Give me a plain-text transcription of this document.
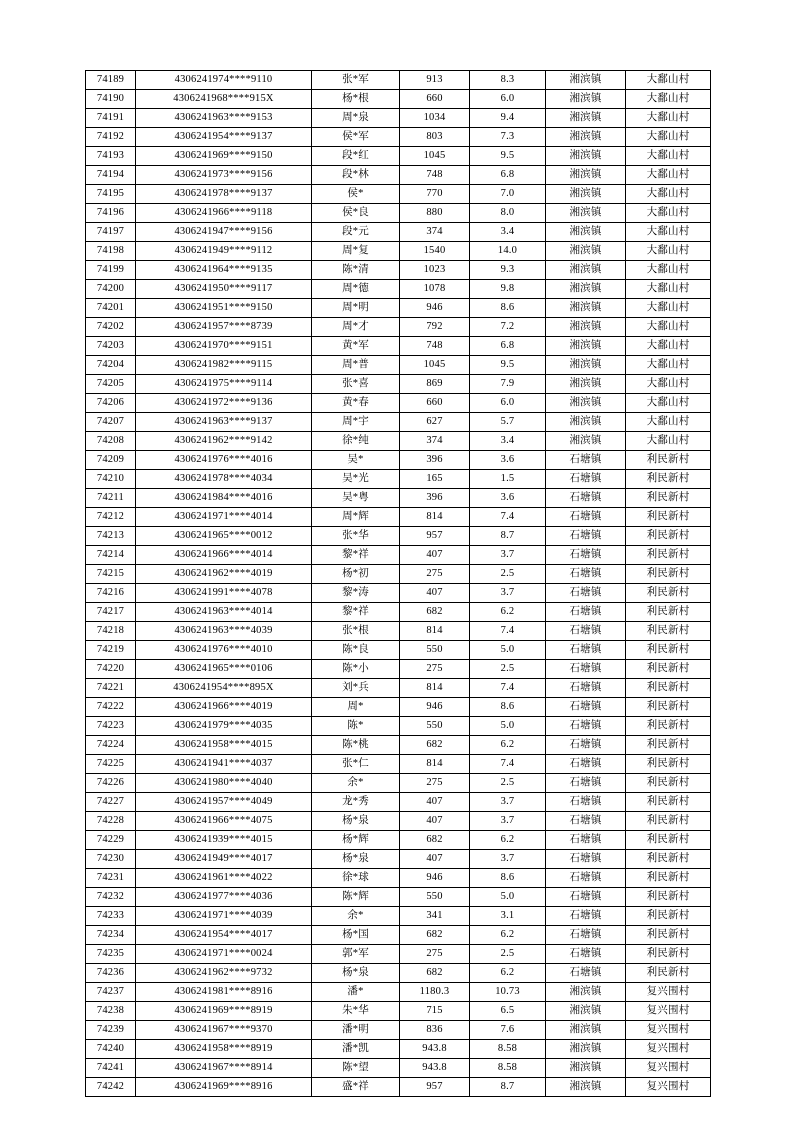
74189	4306241974****9110	张*军	913	8.3	湘滨镇	大鄱山村
74190	4306241968****915X	杨*根	660	6.0	湘滨镇	大鄱山村
74191	4306241963****9153	周*泉	1034	9.4	湘滨镇	大鄱山村
74192	4306241954****9137	侯*军	803	7.3	湘滨镇	大鄱山村
74193	4306241969****9150	段*红	1045	9.5	湘滨镇	大鄱山村
74194	4306241973****9156	段*林	748	6.8	湘滨镇	大鄱山村
74195	4306241978****9137	侯*	770	7.0	湘滨镇	大鄱山村
74196	4306241966****9118	侯*良	880	8.0	湘滨镇	大鄱山村
74197	4306241947****9156	段*元	374	3.4	湘滨镇	大鄱山村
74198	4306241949****9112	周*复	1540	14.0	湘滨镇	大鄱山村
74199	4306241964****9135	陈*清	1023	9.3	湘滨镇	大鄱山村
74200	4306241950****9117	周*德	1078	9.8	湘滨镇	大鄱山村
74201	4306241951****9150	周*明	946	8.6	湘滨镇	大鄱山村
74202	4306241957****8739	周*才	792	7.2	湘滨镇	大鄱山村
74203	4306241970****9151	黄*军	748	6.8	湘滨镇	大鄱山村
74204	4306241982****9115	周*普	1045	9.5	湘滨镇	大鄱山村
74205	4306241975****9114	张*喜	869	7.9	湘滨镇	大鄱山村
74206	4306241972****9136	黄*春	660	6.0	湘滨镇	大鄱山村
74207	4306241963****9137	周*宇	627	5.7	湘滨镇	大鄱山村
74208	4306241962****9142	徐*纯	374	3.4	湘滨镇	大鄱山村
74209	4306241976****4016	吴*	396	3.6	石塘镇	利民新村
74210	4306241978****4034	吴*光	165	1.5	石塘镇	利民新村
74211	4306241984****4016	吴*粤	396	3.6	石塘镇	利民新村
74212	4306241971****4014	周*辉	814	7.4	石塘镇	利民新村
74213	4306241965****0012	张*华	957	8.7	石塘镇	利民新村
74214	4306241966****4014	黎*祥	407	3.7	石塘镇	利民新村
74215	4306241962****4019	杨*初	275	2.5	石塘镇	利民新村
74216	4306241991****4078	黎*涛	407	3.7	石塘镇	利民新村
74217	4306241963****4014	黎*祥	682	6.2	石塘镇	利民新村
74218	4306241963****4039	张*根	814	7.4	石塘镇	利民新村
74219	4306241976****4010	陈*良	550	5.0	石塘镇	利民新村
74220	4306241965****0106	陈*小	275	2.5	石塘镇	利民新村
74221	4306241954****895X	刘*兵	814	7.4	石塘镇	利民新村
74222	4306241966****4019	周*	946	8.6	石塘镇	利民新村
74223	4306241979****4035	陈*	550	5.0	石塘镇	利民新村
74224	4306241958****4015	陈*桃	682	6.2	石塘镇	利民新村
74225	4306241941****4037	张*仁	814	7.4	石塘镇	利民新村
74226	4306241980****4040	余*	275	2.5	石塘镇	利民新村
74227	4306241957****4049	龙*秀	407	3.7	石塘镇	利民新村
74228	4306241966****4075	杨*泉	407	3.7	石塘镇	利民新村
74229	4306241939****4015	杨*辉	682	6.2	石塘镇	利民新村
74230	4306241949****4017	杨*泉	407	3.7	石塘镇	利民新村
74231	4306241961****4022	徐*球	946	8.6	石塘镇	利民新村
74232	4306241977****4036	陈*辉	550	5.0	石塘镇	利民新村
74233	4306241971****4039	余*	341	3.1	石塘镇	利民新村
74234	4306241954****4017	杨*国	682	6.2	石塘镇	利民新村
74235	4306241971****0024	郭*军	275	2.5	石塘镇	利民新村
74236	4306241962****9732	杨*泉	682	6.2	石塘镇	利民新村
74237	4306241981****8916	潘*	1180.3	10.73	湘滨镇	复兴围村
74238	4306241969****8919	朱*华	715	6.5	湘滨镇	复兴围村
74239	4306241967****9370	潘*明	836	7.6	湘滨镇	复兴围村
74240	4306241958****8919	潘*凯	943.8	8.58	湘滨镇	复兴围村
74241	4306241967****8914	陈*望	943.8	8.58	湘滨镇	复兴围村
74242	4306241969****8916	盛*祥	957	8.7	湘滨镇	复兴围村
